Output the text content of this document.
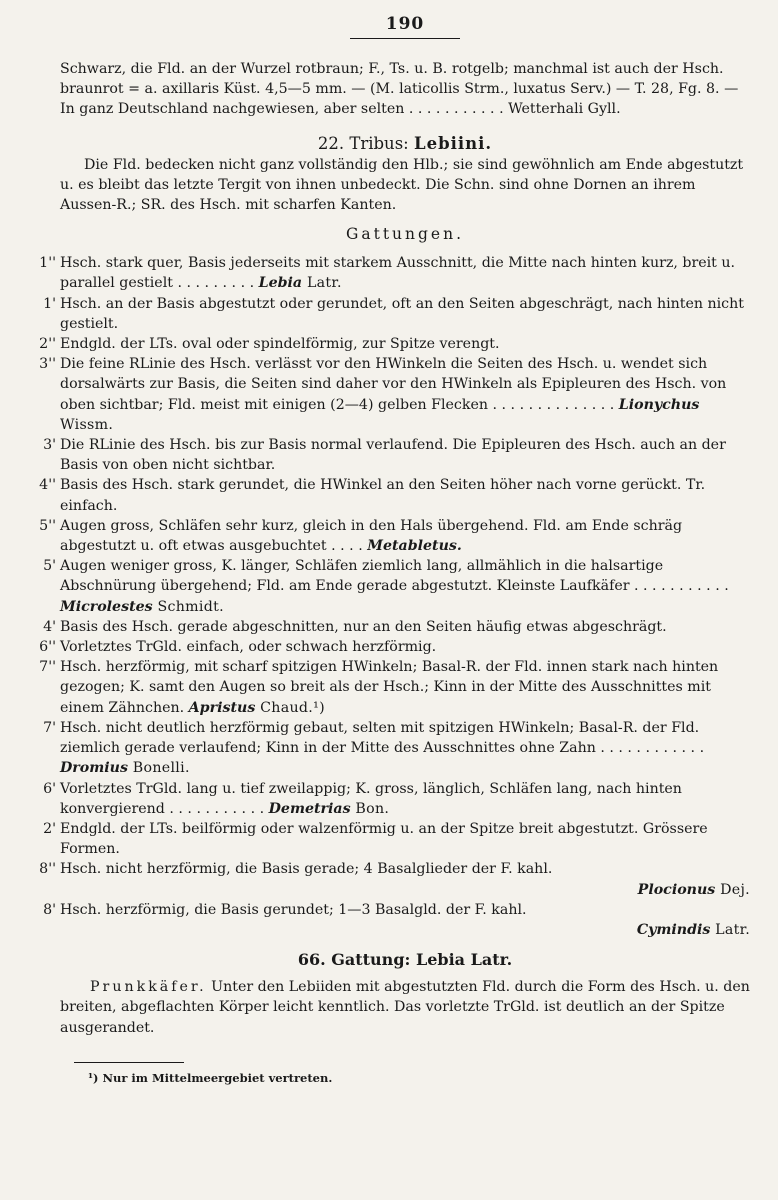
190

Schwarz, die Fld. an der Wurzel rotbraun; F., Ts. u. B. rotgelb; manchmal ist auch der Hsch. braunrot = a. axillaris Küst. 4,5—5 mm. — (M. laticollis Strm., luxatus Serv.) — T. 28, Fg. 8. — In ganz Deutschland nachgewiesen, aber selten . . . . . . . . . . . Wetterhali Gyll.

22. Tribus: Lebiini.

Die Fld. bedecken nicht ganz vollständig den Hlb.; sie sind gewöhnlich am Ende abgestutzt u. es bleibt das letzte Tergit von ihnen unbedeckt. Die Schn. sind ohne Dornen an ihrem Aussen-R.; SR. des Hsch. mit scharfen Kanten.

Gattungen.
1'' Hsch. stark quer, Basis jederseits mit starkem Ausschnitt, die Mitte nach hinten kurz, breit u. parallel gestielt . . . . . . . . . Lebia Latr.
1' Hsch. an der Basis abgestutzt oder gerundet, oft an den Seiten abgeschrägt, nach hinten nicht gestielt.
2'' Endgld. der LTs. oval oder spindelförmig, zur Spitze verengt.
3'' Die feine RLinie des Hsch. verlässt vor den HWinkeln die Seiten des Hsch. u. wendet sich dorsalwärts zur Basis, die Seiten sind daher vor den HWinkeln als Epipleuren des Hsch. von oben sichtbar; Fld. meist mit einigen (2—4) gelben Flecken . . . . . . . . . . . . . . Lionychus Wissm.
3' Die RLinie des Hsch. bis zur Basis normal verlaufend. Die Epipleuren des Hsch. auch an der Basis von oben nicht sichtbar.
4'' Basis des Hsch. stark gerundet, die HWinkel an den Seiten höher nach vorne gerückt. Tr. einfach.
5'' Augen gross, Schläfen sehr kurz, gleich in den Hals übergehend. Fld. am Ende schräg abgestutzt u. oft etwas ausgebuchtet . . . . Metabletus.
5' Augen weniger gross, K. länger, Schläfen ziemlich lang, allmählich in die halsartige Abschnürung übergehend; Fld. am Ende gerade abgestutzt. Kleinste Laufkäfer . . . . . . . . . . . Microlestes Schmidt.
4' Basis des Hsch. gerade abgeschnitten, nur an den Seiten häufig etwas abgeschrägt.
6'' Vorletztes TrGld. einfach, oder schwach herzförmig.
7'' Hsch. herzförmig, mit scharf spitzigen HWinkeln; Basal-R. der Fld. innen stark nach hinten gezogen; K. samt den Augen so breit als der Hsch.; Kinn in der Mitte des Ausschnittes mit einem Zähnchen. Apristus Chaud.¹)
7' Hsch. nicht deutlich herzförmig gebaut, selten mit spitzigen HWinkeln; Basal-R. der Fld. ziemlich gerade verlaufend; Kinn in der Mitte des Ausschnittes ohne Zahn . . . . . . . . . . . . Dromius Bonelli.
6' Vorletztes TrGld. lang u. tief zweilappig; K. gross, länglich, Schläfen lang, nach hinten konvergierend . . . . . . . . . . . Demetrias Bon.
2' Endgld. der LTs. beilförmig oder walzenförmig u. an der Spitze breit abgestutzt. Grössere Formen.
8'' Hsch. nicht herzförmig, die Basis gerade; 4 Basalglieder der F. kahl.
Plocionus Dej.
8' Hsch. herzförmig, die Basis gerundet; 1—3 Basalgld. der F. kahl.
Cymindis Latr.
66. Gattung: Lebia Latr.

Prunkkäfer. Unter den Lebiiden mit abgestutzten Fld. durch die Form des Hsch. u. den breiten, abgeflachten Körper leicht kenntlich. Das vorletzte TrGld. ist deutlich an der Spitze ausgerandet.

¹) Nur im Mittelmeergebiet vertreten.
